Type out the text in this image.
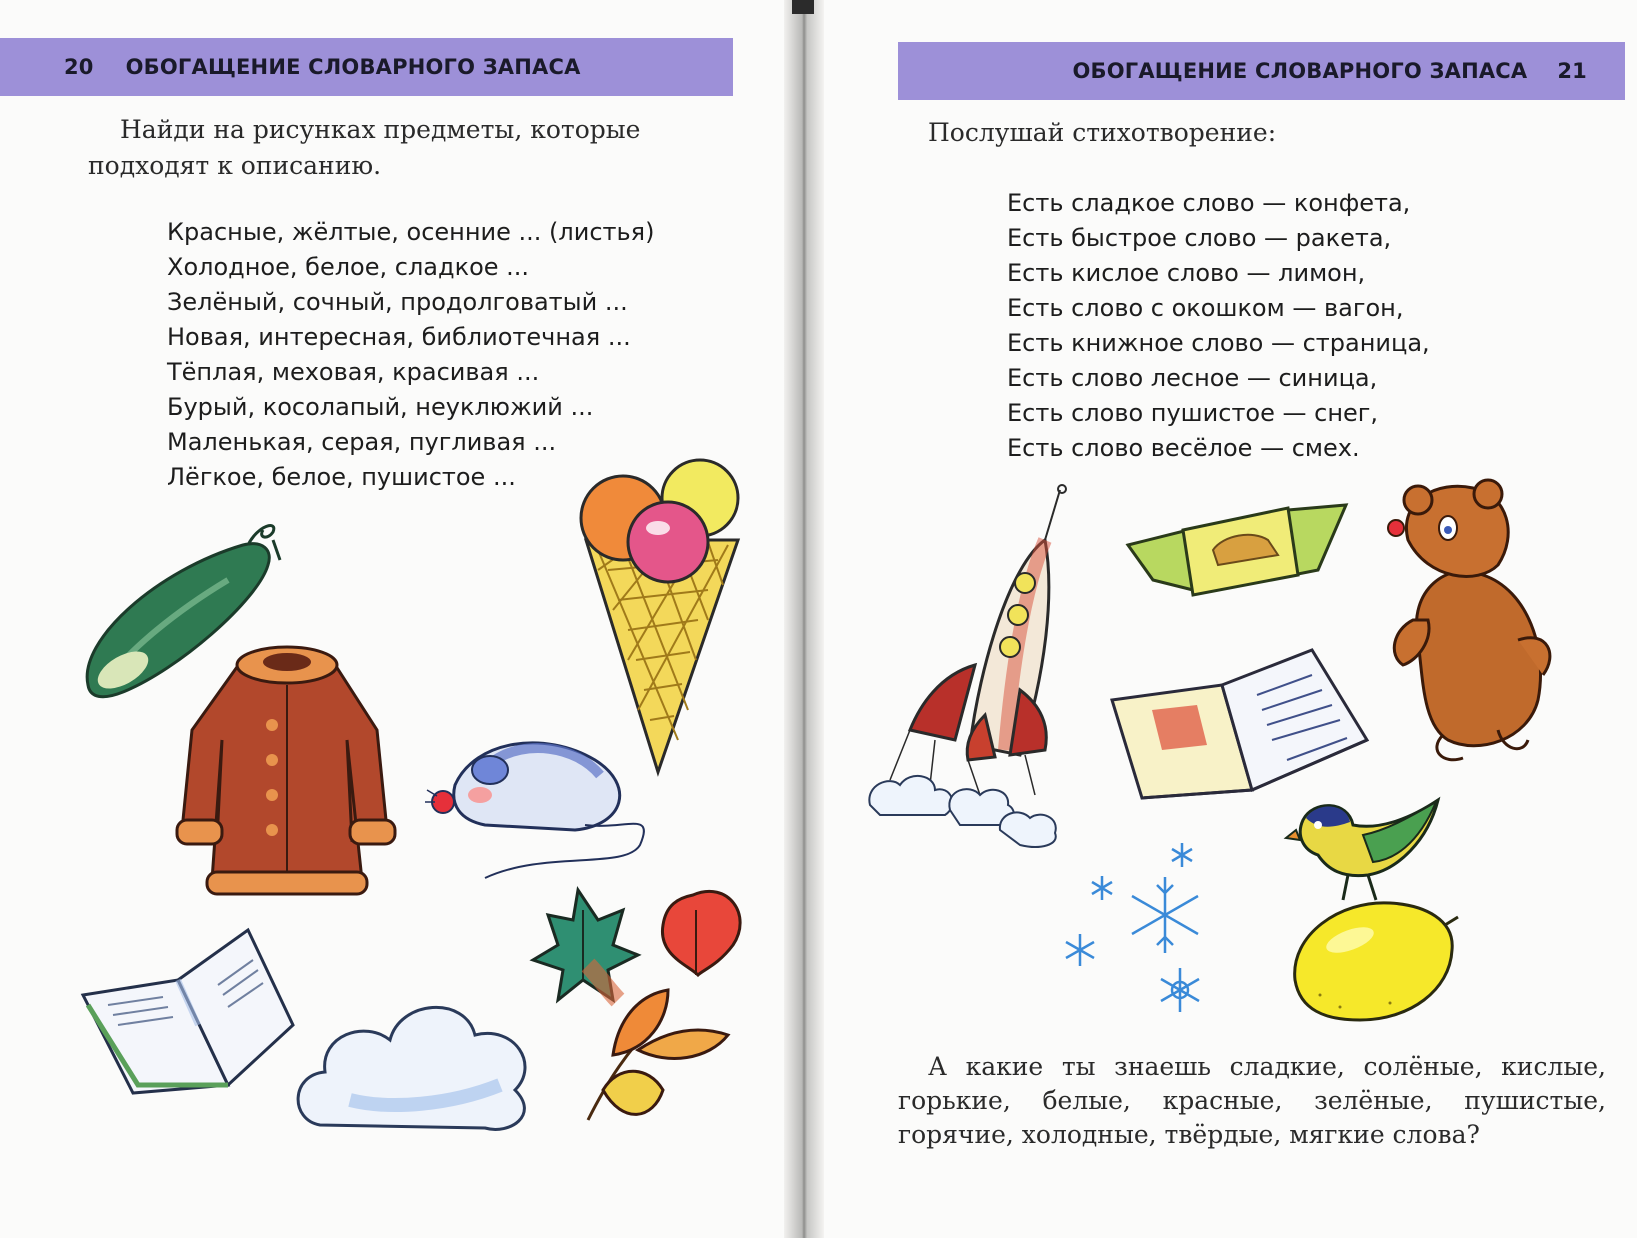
20 ОБОГАЩЕНИЕ СЛОВАРНОГО ЗАПАСА
Найди на рисунках предметы, которые подходят к описанию.
Красные, жёлтые, осенние ... (листья)
Холодное, белое, сладкое ...
Зелёный, сочный, продолговатый ...
Новая, интересная, библиотечная ...
Тёплая, меховая, красивая ...
Бурый, косолапый, неуклюжий ...
Маленькая, серая, пугливая ...
Лёгкое, белое, пушистое ...
ОБОГАЩЕНИЕ СЛОВАРНОГО ЗАПАСА 21
Послушай стихотворение:
Есть сладкое слово — конфета,
Есть быстрое слово — ракета,
Есть кислое слово — лимон,
Есть слово с окошком — вагон,
Есть книжное слово — страница,
Есть слово лесное — синица,
Есть слово пушистое — снег,
Есть слово весёлое — смех.
А какие ты знаешь сладкие, солёные, кислые, горькие, белые, красные, зелёные, пушистые, горячие, холодные, твёрдые, мягкие слова?
